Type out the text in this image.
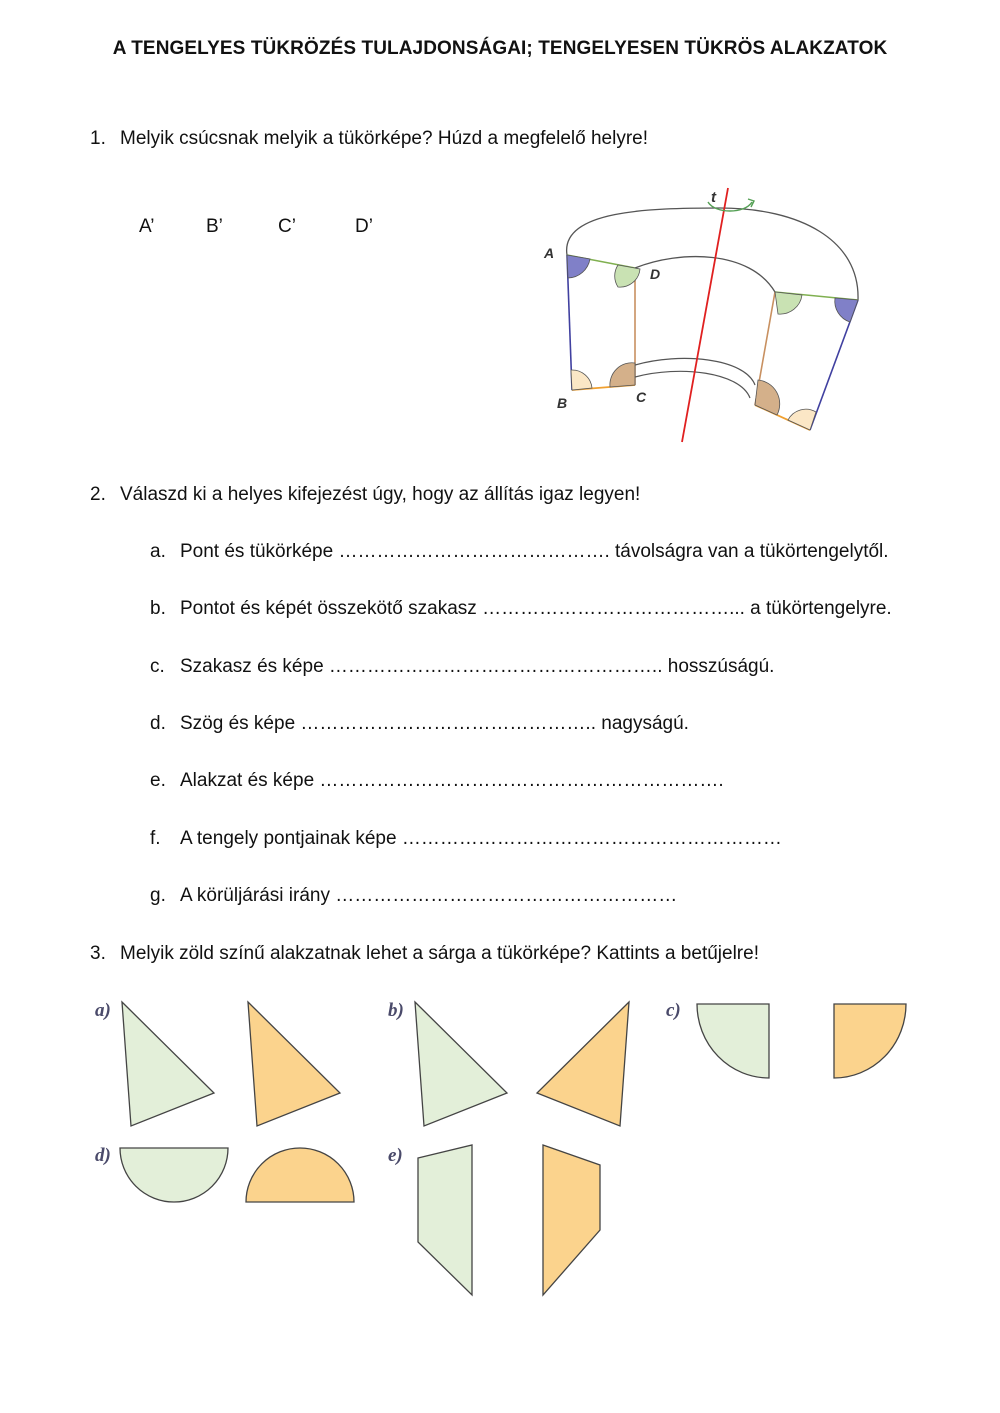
A TENGELYES TÜKRÖZÉS TULAJDONSÁGAI; TENGELYESEN TÜKRÖS ALAKZATOK
1. Melyik csúcsnak melyik a tükörképe? Húzd a megfelelő helyre!
A’	B’	C’	D’
t
A
B	C
D
2. Válaszd ki a helyes kifejezést úgy, hogy az állítás igaz legyen!
a. Pont és tükörképe ……………………………………. távolságra van a tükörtengelytől.
b. Pontot és képét összekötő szakasz …………………………………... a tükörtengelyre.
c. Szakasz és képe …………………………………………….. hosszúságú.
d. Szög és képe ……………………………………….. nagyságú.
e. Alakzat és képe ……………………………………………………….
f. A tengely pontjainak képe ……………………………………………………
g. A körüljárási irány ………………………………………………
3. Melyik zöld színű alakzatnak lehet a sárga a tükörképe? Kattints a betűjelre!
a)	b)	c)
d)	e)
